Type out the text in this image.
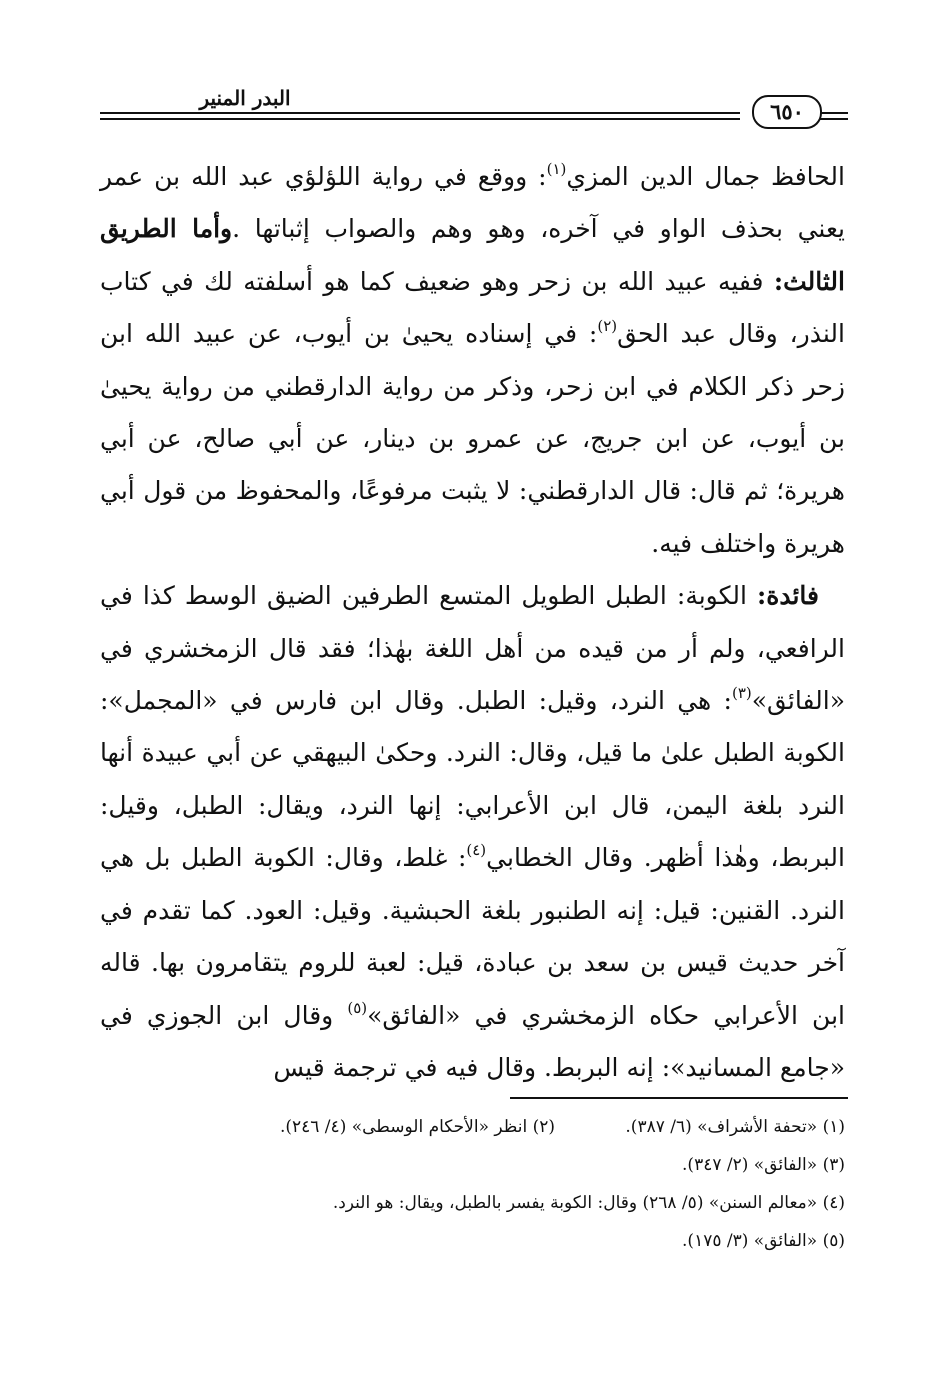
البدر المنير
٦٥٠

الحافظ جمال الدين المزي$^{(١)}$: ووقع في رواية اللؤلؤي عبد الله بن عمر يعني بحذف الواو في آخره، وهو وهم والصواب إثباتها .وأما الطريق الثالث: ففيه عبيد الله بن زحر وهو ضعيف كما هو أسلفته لك في كتاب النذر، وقال عبد الحق$^{(٢)}$: في إسناده يحيىٰ بن أيوب، عن عبيد الله ابن زحر ذكر الكلام في ابن زحر، وذكر من رواية الدارقطني من رواية يحيىٰ بن أيوب، عن ابن جريج، عن عمرو بن دينار، عن أبي صالح، عن أبي هريرة؛ ثم قال: قال الدارقطني: لا يثبت مرفوعًا، والمحفوظ من قول أبي هريرة واختلف فيه.

فائدة: الكوبة: الطبل الطويل المتسع الطرفين الضيق الوسط كذا في الرافعي، ولم أر من قيده من أهل اللغة بهٰذا؛ فقد قال الزمخشري في «الفائق»$^{(٣)}$: هي النرد، وقيل: الطبل. وقال ابن فارس في «المجمل»: الكوبة الطبل علىٰ ما قيل، وقال: النرد. وحكىٰ البيهقي عن أبي عبيدة أنها النرد بلغة اليمن، قال ابن الأعرابي: إنها النرد، ويقال: الطبل، وقيل: البربط، وهٰذا أظهر. وقال الخطابي$^{(٤)}$: غلط، وقال: الكوبة الطبل بل هي النرد. القنين: قيل: إنه الطنبور بلغة الحبشية. وقيل: العود. كما تقدم في آخر حديث قيس بن سعد بن عبادة، قيل: لعبة للروم يتقامرون بها. قاله ابن الأعرابي حكاه الزمخشري في «الفائق»$^{(٥)}$ وقال ابن الجوزي في «جامع المسانيد»: إنه البربط. وقال فيه في ترجمة قيس

(١) «تحفة الأشراف» (٦/ ٣٨٧).
(٢) انظر «الأحكام الوسطى» (٤/ ٢٤٦).
(٣) «الفائق» (٢/ ٣٤٧).
(٤) «معالم السنن» (٥/ ٢٦٨) وقال: الكوبة يفسر بالطبل، ويقال: هو النرد.
(٥) «الفائق» (٣/ ١٧٥).
